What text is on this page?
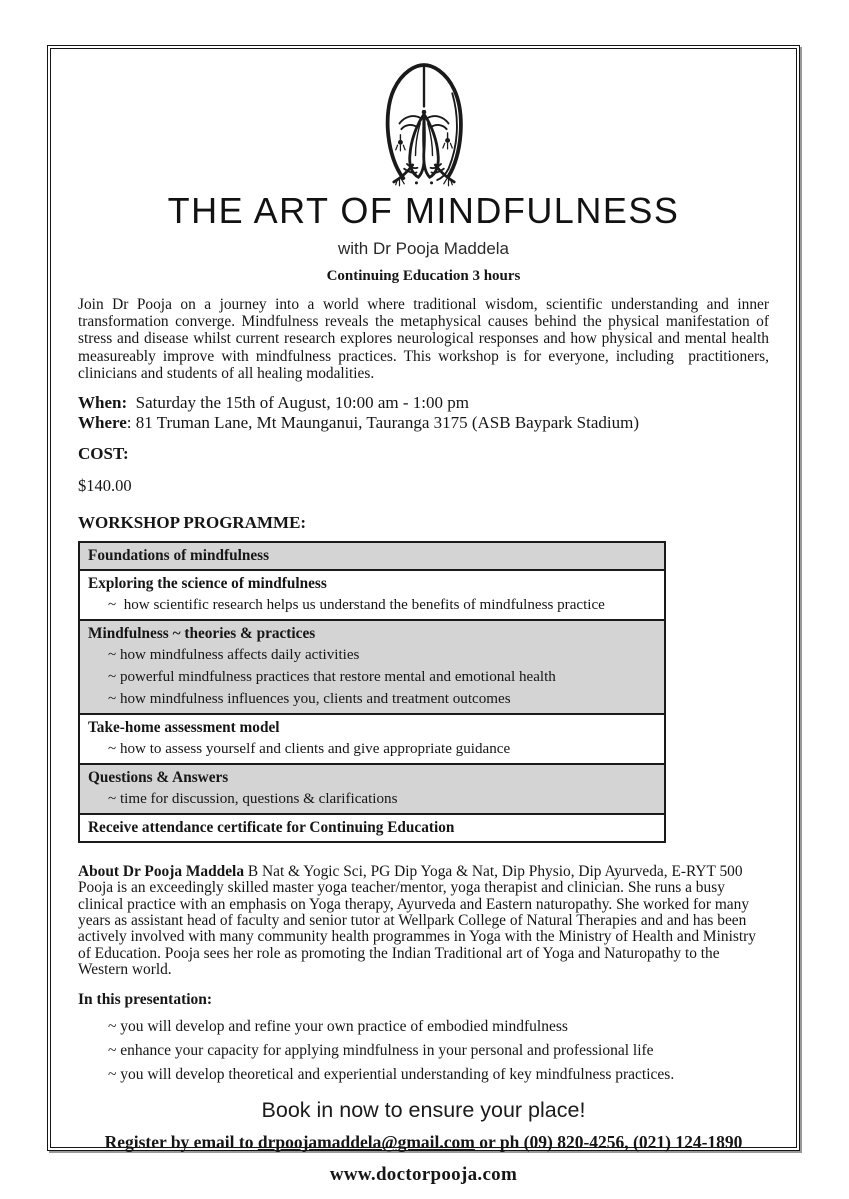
THE ART OF MINDFULNESS
with Dr Pooja Maddela
Continuing Education 3 hours

Join Dr Pooja on a journey into a world where traditional wisdom, scientific understanding and inner transformation converge. Mindfulness reveals the metaphysical causes behind the physical manifestation of stress and disease whilst current research explores neurological responses and how physical and mental health measureably improve with mindfulness practices. This workshop is for everyone, including  practitioners, clinicians and students of all healing modalities.

When:  Saturday the 15th of August, 10:00 am - 1:00 pm
Where: 81 Truman Lane, Mt Maunganui, Tauranga 3175 (ASB Baypark Stadium)
COST:
$140.00
WORKSHOP PROGRAMME:
Foundations of mindfulness

Exploring the science of mindfulness
~  how scientific research helps us understand the benefits of mindfulness practice

Mindfulness ~ theories & practices
~ how mindfulness affects daily activities
~ powerful mindfulness practices that restore mental and emotional health
~ how mindfulness influences you, clients and treatment outcomes

Take-home assessment model
~ how to assess yourself and clients and give appropriate guidance

Questions & Answers
~ time for discussion, questions & clarifications

Receive attendance certificate for Continuing Education

About Dr Pooja Maddela B Nat & Yogic Sci, PG Dip Yoga & Nat, Dip Physio, Dip Ayurveda, E-RYT 500 Pooja is an exceedingly skilled master yoga teacher/mentor, yoga therapist and clinician. She runs a busy clinical practice with an emphasis on Yoga therapy, Ayurveda and Eastern naturopathy. She worked for many years as assistant head of faculty and senior tutor at Wellpark College of Natural Therapies and and has been actively involved with many community health programmes in Yoga with the Ministry of Health and Ministry of Education. Pooja sees her role as promoting the Indian Traditional art of Yoga and Naturopathy to the Western world.

In this presentation:
~ you will develop and refine your own practice of embodied mindfulness
~ enhance your capacity for applying mindfulness in your personal and professional life
~ you will develop theoretical and experiential understanding of key mindfulness practices.
Book in now to ensure your place!
Register by email to drpoojamaddela@gmail.com or ph (09) 820-4256, (021) 124-1890
www.doctorpooja.com
